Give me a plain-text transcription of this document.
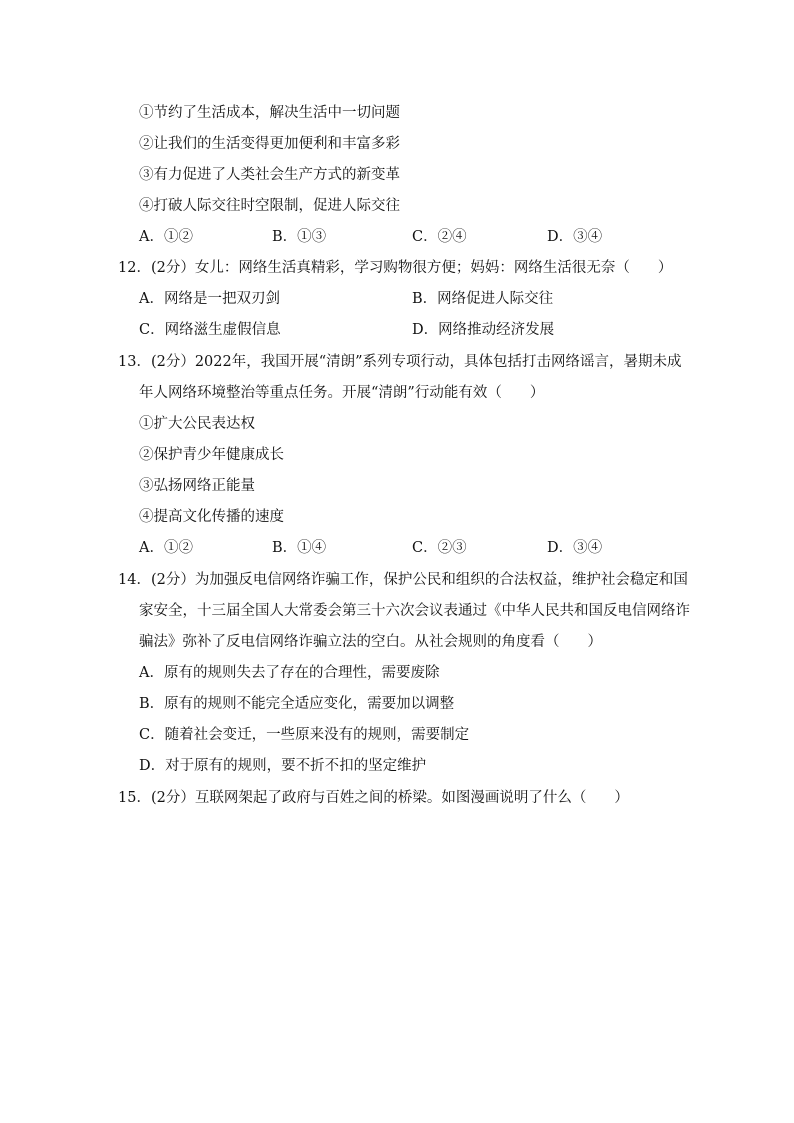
①节约了生活成本，解决生活中一切问题
②让我们的生活变得更加便利和丰富多彩
③有力促进了人类社会生产方式的新变革
④打破人际交往时空限制，促进人际交往
A．①②	B．①③	C．②④	D．③④
12．(2分）女儿：网络生活真精彩，学习购物很方便；妈妈：网络生活很无奈（ ）
A．网络是一把双刃剑	B．网络促进人际交往
C．网络滋生虚假信息	D．网络推动经济发展
13．(2分）2022年，我国开展“清朗”系列专项行动，具体包括打击网络谣言，暑期未成
年人网络环境整治等重点任务。开展“清朗”行动能有效（ ）
①扩大公民表达权
②保护青少年健康成长
③弘扬网络正能量
④提高文化传播的速度
A．①②	B．①④	C．②③	D．③④
14．(2分）为加强反电信网络诈骗工作，保护公民和组织的合法权益，维护社会稳定和国
家安全，十三届全国人大常委会第三十六次会议表通过《中华人民共和国反电信网络诈
骗法》弥补了反电信网络诈骗立法的空白。从社会规则的角度看（ ）
A．原有的规则失去了存在的合理性，需要废除
B．原有的规则不能完全适应变化，需要加以调整
C．随着社会变迁，一些原来没有的规则，需要制定
D．对于原有的规则，要不折不扣的坚定维护
15．(2分）互联网架起了政府与百姓之间的桥梁。如图漫画说明了什么（ ）
